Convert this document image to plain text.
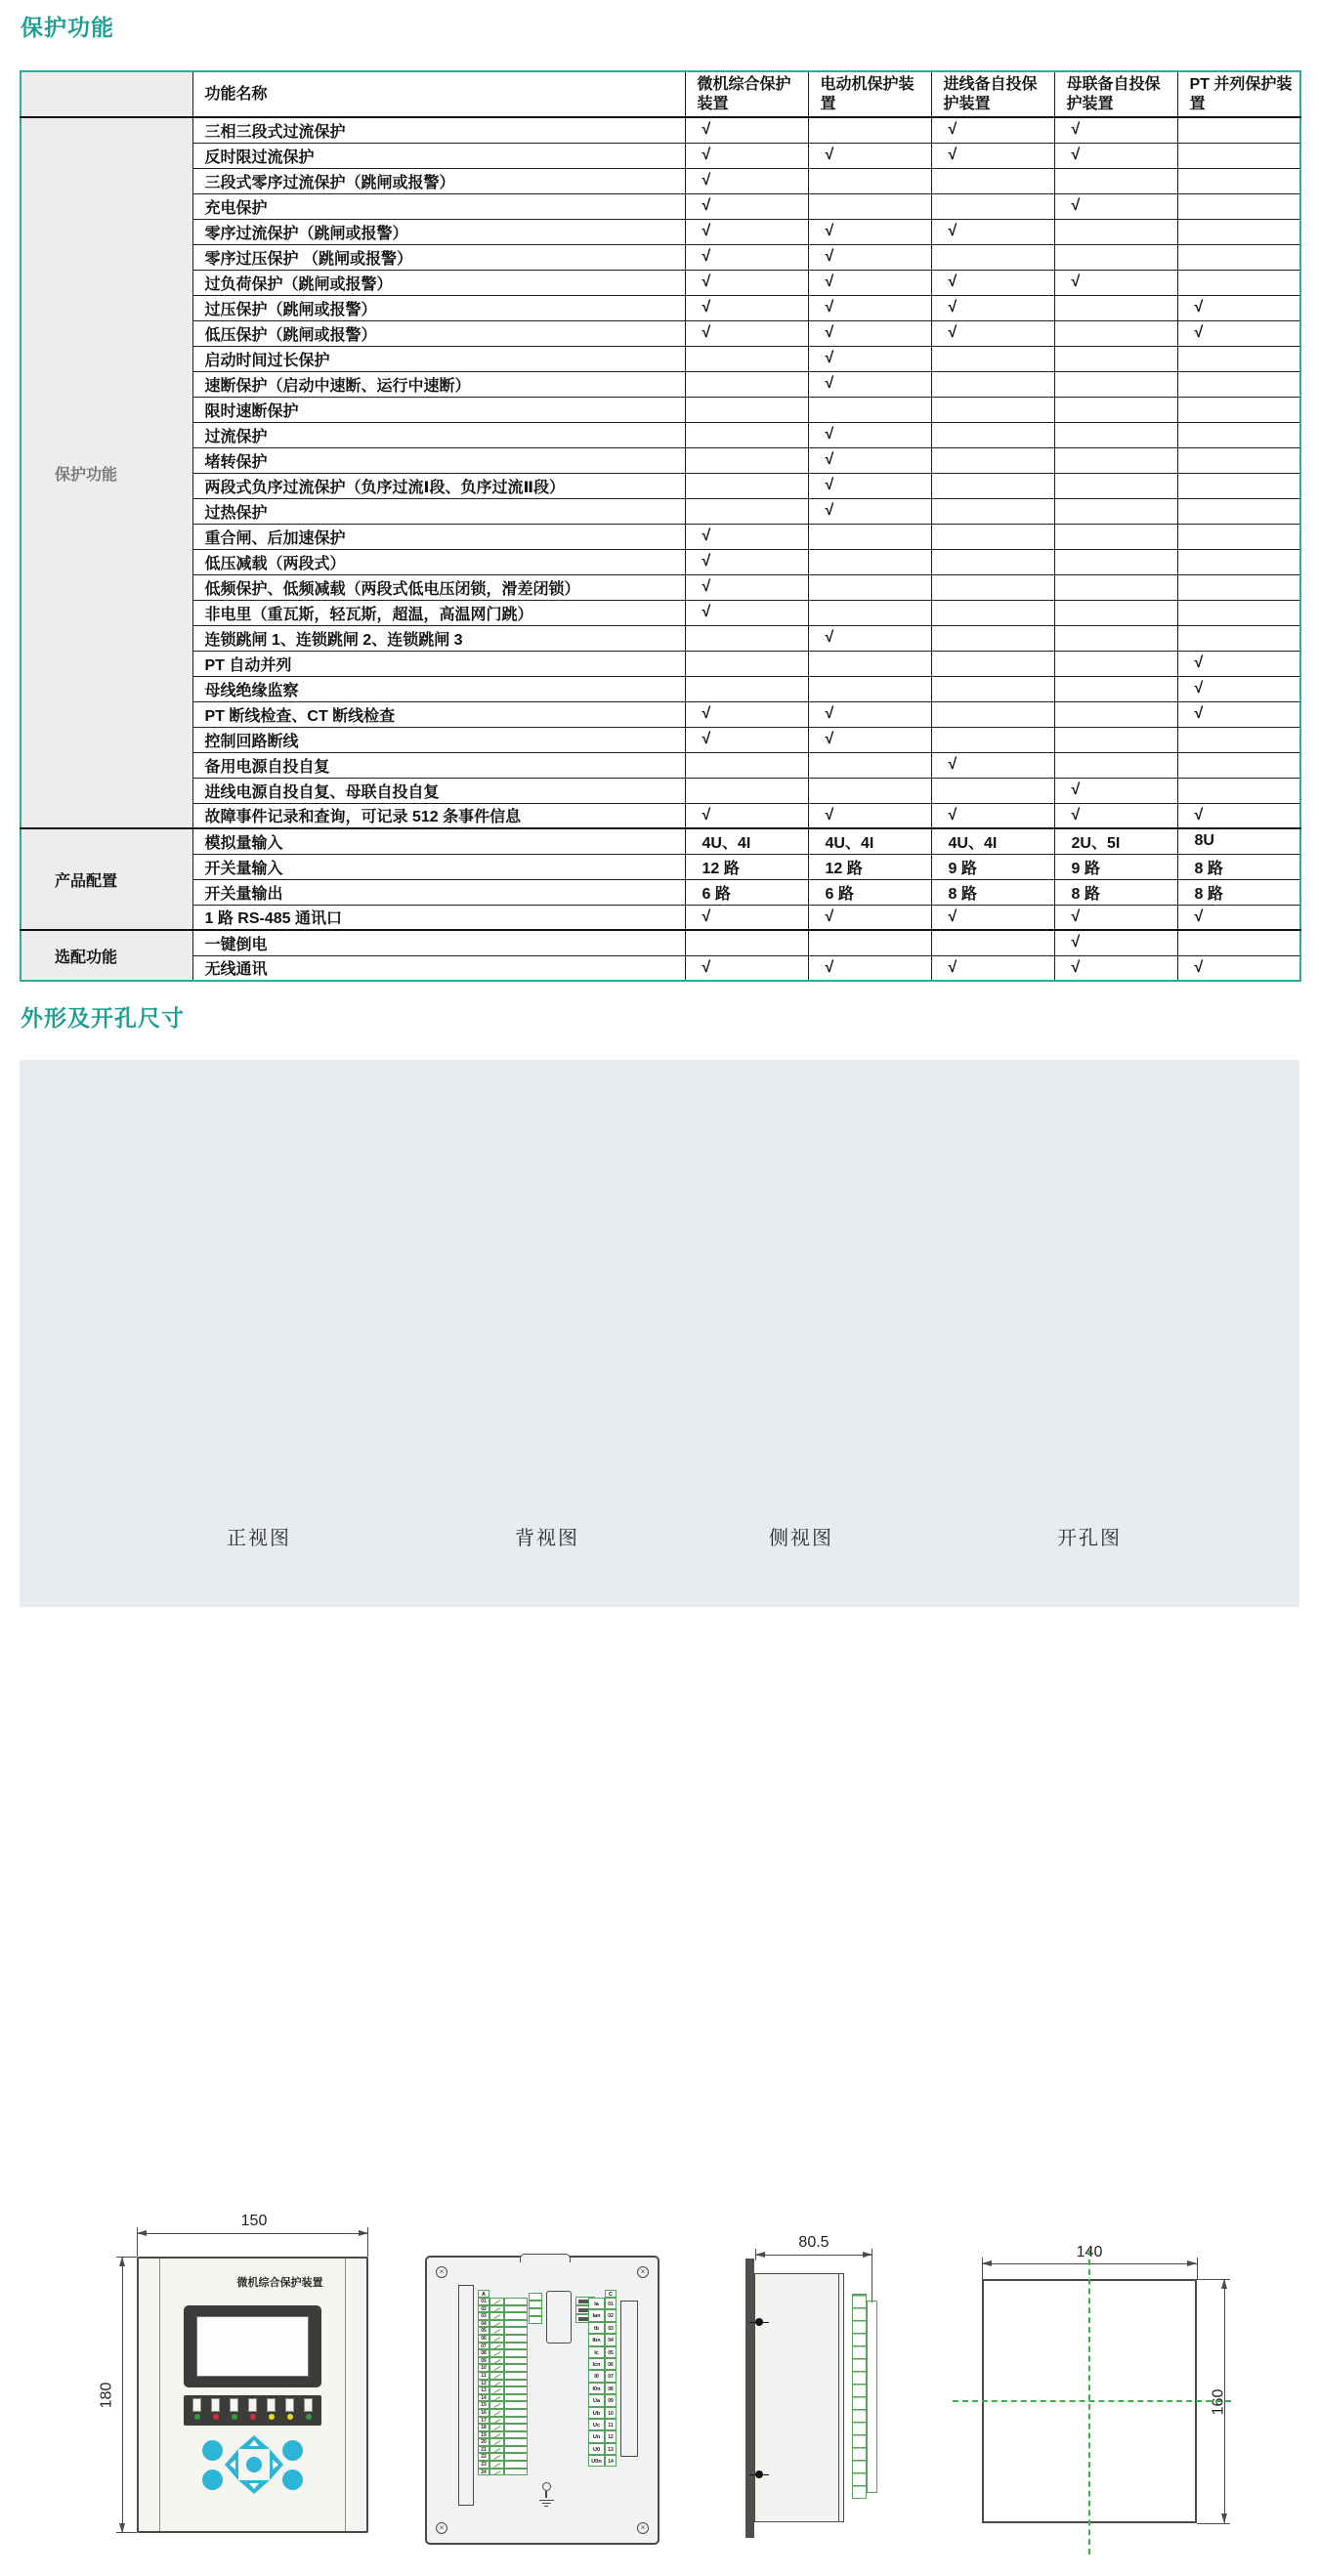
保护功能
	功能名称	微机综合保护装置	电动机保护装置	进线备自投保护装置	母联备自投保护装置	PT 并列保护装置
保护功能	三相三段式过流保护	√		√	√	
	反时限过流保护	√	√	√	√	
	三段式零序过流保护（跳闸或报警）	√				
	充电保护	√			√	
	零序过流保护（跳闸或报警）	√	√	√		
	零序过压保护 （跳闸或报警）	√	√			
	过负荷保护（跳闸或报警）	√	√	√	√	
	过压保护（跳闸或报警）	√	√	√		√
	低压保护（跳闸或报警）	√	√	√		√
	启动时间过长保护		√			
	速断保护（启动中速断、运行中速断）		√			
	限时速断保护					
	过流保护		√			
	堵转保护		√			
	两段式负序过流保护（负序过流Ⅰ段、负序过流Ⅱ段）		√			
	过热保护		√			
	重合闸、后加速保护	√				
	低压减载（两段式）	√				
	低频保护、低频减载（两段式低电压闭锁，滑差闭锁）	√				
	非电里（重瓦斯，轻瓦斯，超温，高温网门跳）	√				
	连锁跳闸 1、连锁跳闸 2、连锁跳闸 3		√			
	PT 自动并列					√
	母线绝缘监察					√
	PT 断线检查、CT 断线检查	√	√			√
	控制回路断线	√	√			
	备用电源自投自复			√		
	进线电源自投自复、母联自投自复				√	
	故障事件记录和查询，可记录 512 条事件信息	√	√	√	√	√
产品配置	模拟量输入	4U、4I	4U、4I	4U、4I	2U、5I	8U
	开关量输入	12 路	12 路	9 路	9 路	8 路
	开关量输出	6 路	6 路	8 路	8 路	8 路
	1 路 RS-485 通讯口	√	√	√	√	√
选配功能	一键倒电				√	
	无线通讯	√	√	√	√	√
外形及开孔尺寸
150
180
微机综合保护装置
×	×
×	×
A
01
02
03
04
05
06
07
08
09
10
11
12
13
14
15
16
17
18
19
20
21
22
23
24
C
Ia	01
Ian	02
Ib	03
Ibn	04
Ic	05
Icn	06
I0	07
I0n	08
Ua	09
Ub	10
Uc	11
Un	12
U0	13
U0n	14
80.5
140
160
正视图	背视图	侧视图	开孔图
